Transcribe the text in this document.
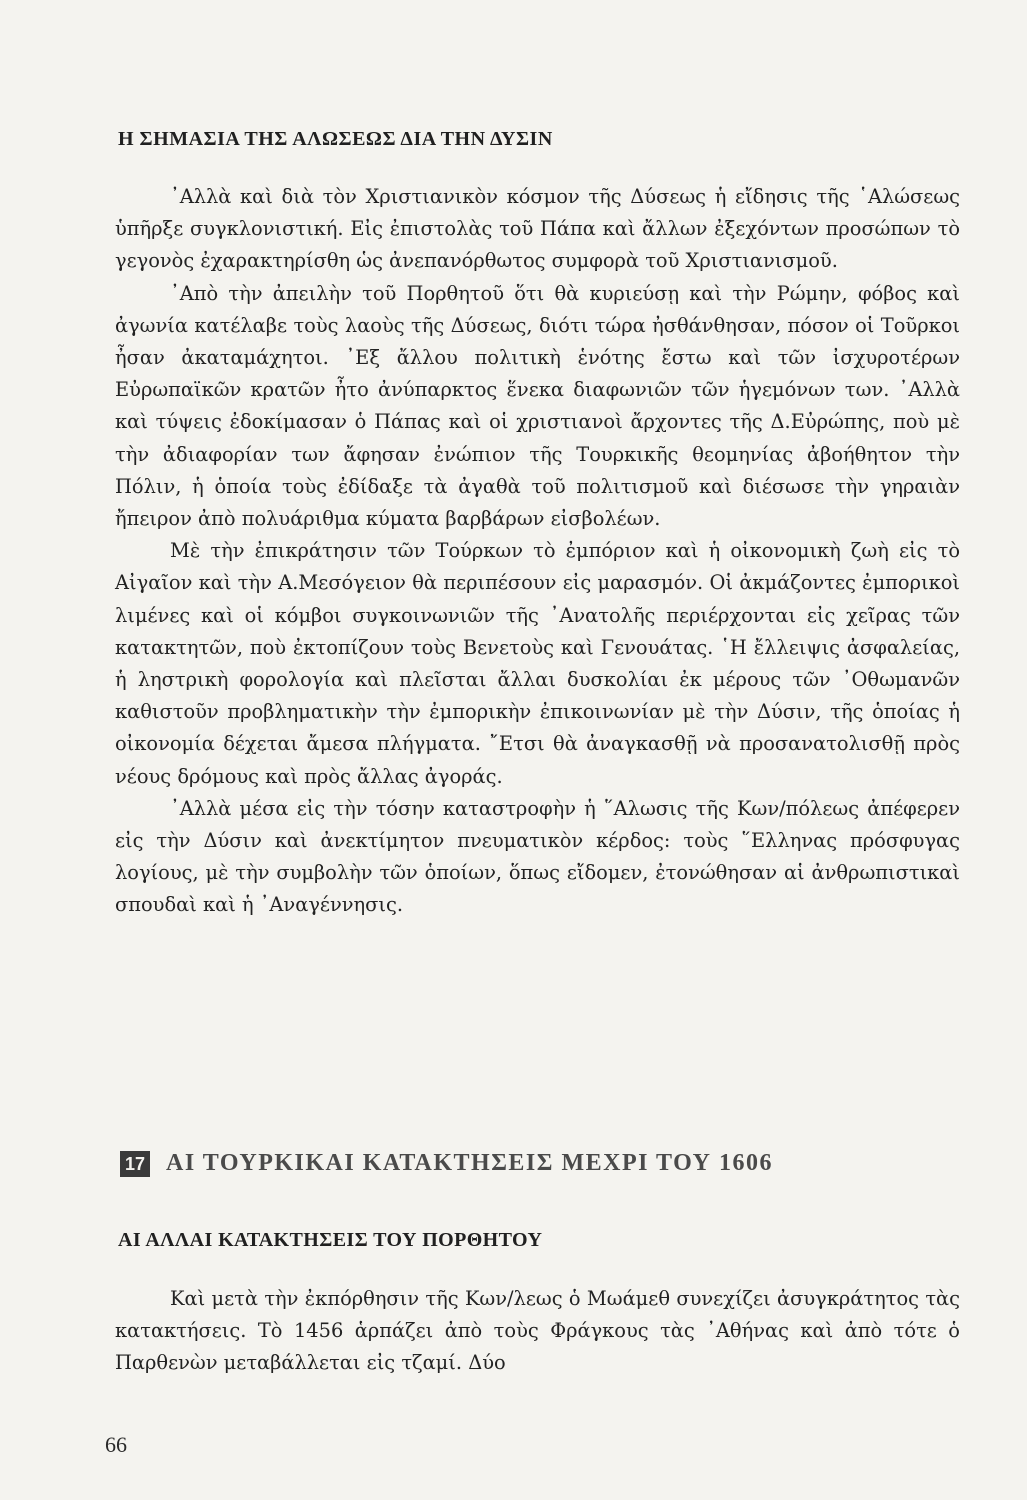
Η ΣΗΜΑΣΙΑ ΤΗΣ ΑΛΩΣΕΩΣ ΔΙΑ ΤΗΝ ΔΥΣΙΝ

᾿Αλλὰ καὶ διὰ τὸν Χριστιανικὸν κόσμον τῆς Δύσεως ἡ εἴδησις τῆς ῾Αλώσεως ὑπῆρξε συγκλονιστική. Εἰς ἐπιστολὰς τοῦ Πάπα καὶ ἄλλων ἐξεχόντων προσώπων τὸ γεγονὸς ἐχαρακτηρίσθη ὡς ἀνεπανόρθωτος συμφορὰ τοῦ Χριστιανισμοῦ.

᾿Απὸ τὴν ἀπειλὴν τοῦ Πορθητοῦ ὅτι θὰ κυριεύσῃ καὶ τὴν Ρώμην, φόβος καὶ ἀγωνία κατέλαβε τοὺς λαοὺς τῆς Δύσεως, διότι τώρα ἠσθάνθησαν, πόσον οἱ Τοῦρκοι ἦσαν ἀκαταμάχητοι. ᾿Εξ ἄλλου πολιτικὴ ἑνότης ἔστω καὶ τῶν ἰσχυροτέρων Εὐρωπαϊκῶν κρατῶν ἦτο ἀνύπαρκτος ἕνεκα διαφωνιῶν τῶν ἡγεμόνων των. ᾿Αλλὰ καὶ τύψεις ἐδοκίμασαν ὁ Πάπας καὶ οἱ χριστιανοὶ ἄρχοντες τῆς Δ.Εὐρώπης, ποὺ μὲ τὴν ἀδιαφορίαν των ἄφησαν ἐνώπιον τῆς Τουρκικῆς θεομηνίας ἀβοήθητον τὴν Πόλιν, ἡ ὁποία τοὺς ἐδίδαξε τὰ ἀγαθὰ τοῦ πολιτισμοῦ καὶ διέσωσε τὴν γηραιὰν ἤπειρον ἀπὸ πολυάριθμα κύματα βαρβάρων εἰσβολέων.

Μὲ τὴν ἐπικράτησιν τῶν Τούρκων τὸ ἐμπόριον καὶ ἡ οἰκονομικὴ ζωὴ εἰς τὸ Αἰγαῖον καὶ τὴν Α.Μεσόγειον θὰ περιπέσουν εἰς μαρασμόν. Οἱ ἀκμάζοντες ἐμπορικοὶ λιμένες καὶ οἱ κόμβοι συγκοινωνιῶν τῆς ᾿Ανατολῆς περιέρχονται εἰς χεῖρας τῶν κατακτητῶν, ποὺ ἐκτοπίζουν τοὺς Βενετοὺς καὶ Γενουάτας. ῾Η ἔλλειψις ἀσφαλείας, ἡ ληστρικὴ φορολογία καὶ πλεῖσται ἄλλαι δυσκολίαι ἐκ μέρους τῶν ᾿Οθωμανῶν καθιστοῦν προβληματικὴν τὴν ἐμπορικὴν ἐπικοινωνίαν μὲ τὴν Δύσιν, τῆς ὁποίας ἡ οἰκονομία δέχεται ἄμεσα πλήγματα. ῎Ετσι θὰ ἀναγκασθῇ νὰ προσανατολισθῇ πρὸς νέους δρόμους καὶ πρὸς ἄλλας ἀγοράς.

᾿Αλλὰ μέσα εἰς τὴν τόσην καταστροφὴν ἡ ῞Αλωσις τῆς Κων/πόλεως ἀπέφερεν εἰς τὴν Δύσιν καὶ ἀνεκτίμητον πνευματικὸν κέρδος: τοὺς ῞Ελληνας πρόσφυγας λογίους, μὲ τὴν συμβολὴν τῶν ὁποίων, ὅπως εἴδομεν, ἐτονώθησαν αἱ ἀνθρωπιστικαὶ σπουδαὶ καὶ ἡ ᾿Αναγέννησις.

17 ΑΙ ΤΟΥΡΚΙΚΑΙ ΚΑΤΑΚΤΗΣΕΙΣ ΜΕΧΡΙ ΤΟΥ 1606
ΑΙ ΑΛΛΑΙ ΚΑΤΑΚΤΗΣΕΙΣ ΤΟΥ ΠΟΡΘΗΤΟΥ

Καὶ μετὰ τὴν ἐκπόρθησιν τῆς Κων/λεως ὁ Μωάμεθ συνεχίζει ἀσυγκράτητος τὰς κατακτήσεις. Τὸ 1456 ἁρπάζει ἀπὸ τοὺς Φράγκους τὰς ᾿Αθήνας καὶ ἀπὸ τότε ὁ Παρθενὼν μεταβάλλεται εἰς τζαμί. Δύο

66
